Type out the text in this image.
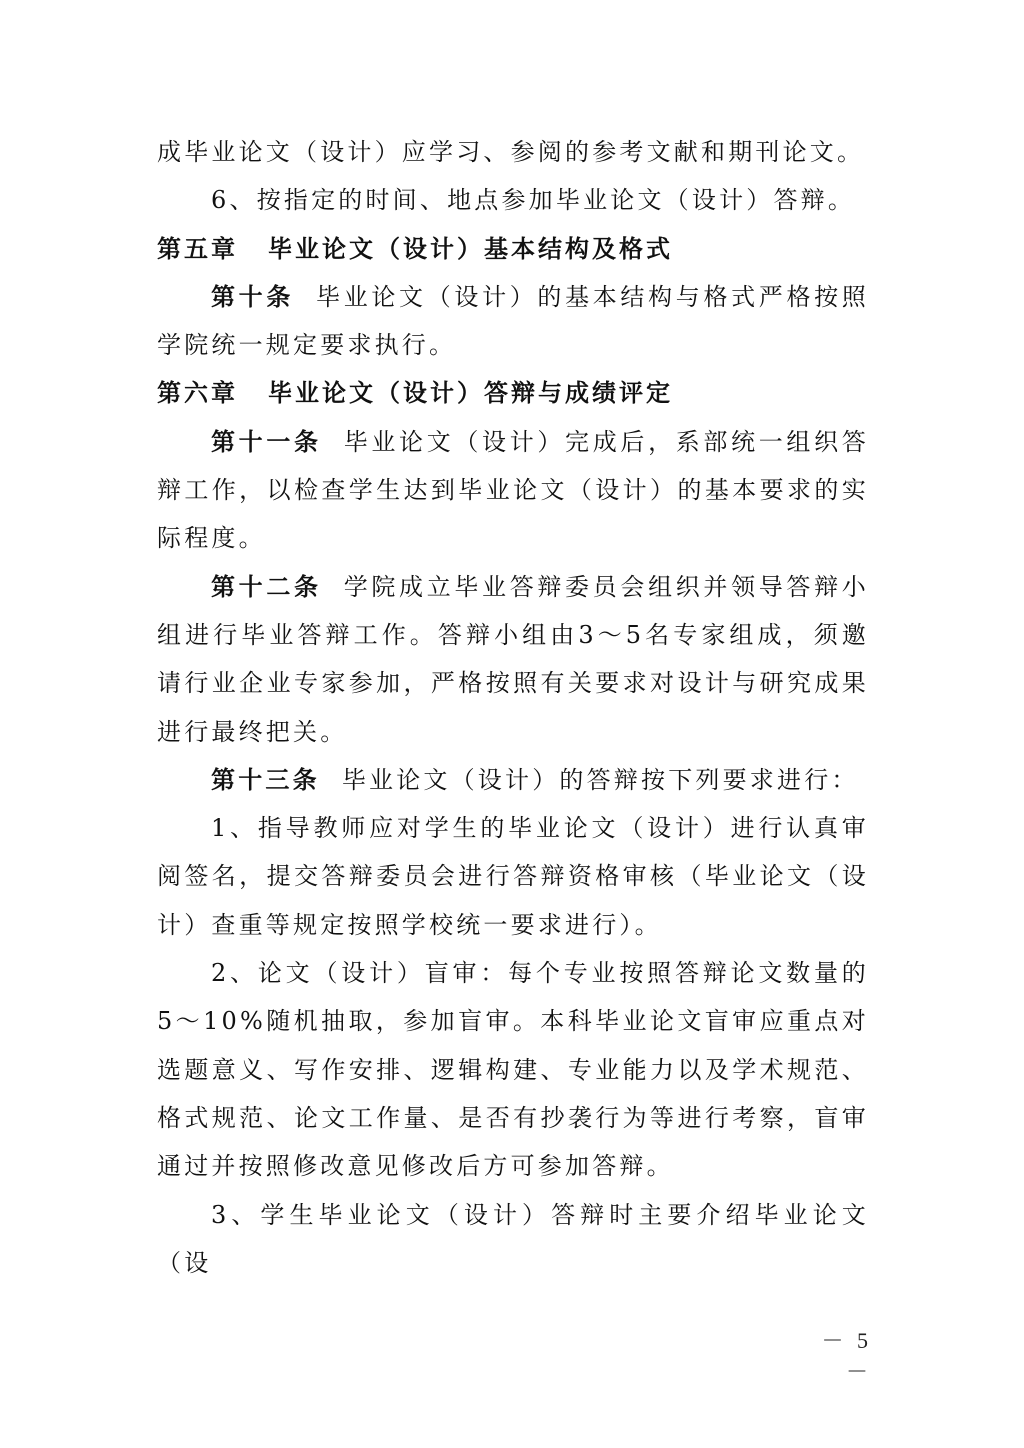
成毕业论文（设计）应学习、参阅的参考文献和期刊论文。

6、按指定的时间、地点参加毕业论文（设计）答辩。

第五章 毕业论文（设计）基本结构及格式

第十条 毕业论文（设计）的基本结构与格式严格按照学院统一规定要求执行。

第六章 毕业论文（设计）答辩与成绩评定

第十一条 毕业论文（设计）完成后，系部统一组织答辩工作，以检查学生达到毕业论文（设计）的基本要求的实际程度。

第十二条 学院成立毕业答辩委员会组织并领导答辩小组进行毕业答辩工作。答辩小组由3～5名专家组成，须邀请行业企业专家参加，严格按照有关要求对设计与研究成果进行最终把关。

第十三条 毕业论文（设计）的答辩按下列要求进行：

1、指导教师应对学生的毕业论文（设计）进行认真审阅签名，提交答辩委员会进行答辩资格审核（毕业论文（设计）查重等规定按照学校统一要求进行）。

2、论文（设计）盲审：每个专业按照答辩论文数量的5～10%随机抽取，参加盲审。本科毕业论文盲审应重点对选题意义、写作安排、逻辑构建、专业能力以及学术规范、格式规范、论文工作量、是否有抄袭行为等进行考察，盲审通过并按照修改意见修改后方可参加答辩。

3、学生毕业论文（设计）答辩时主要介绍毕业论文（设

－ 5 －
